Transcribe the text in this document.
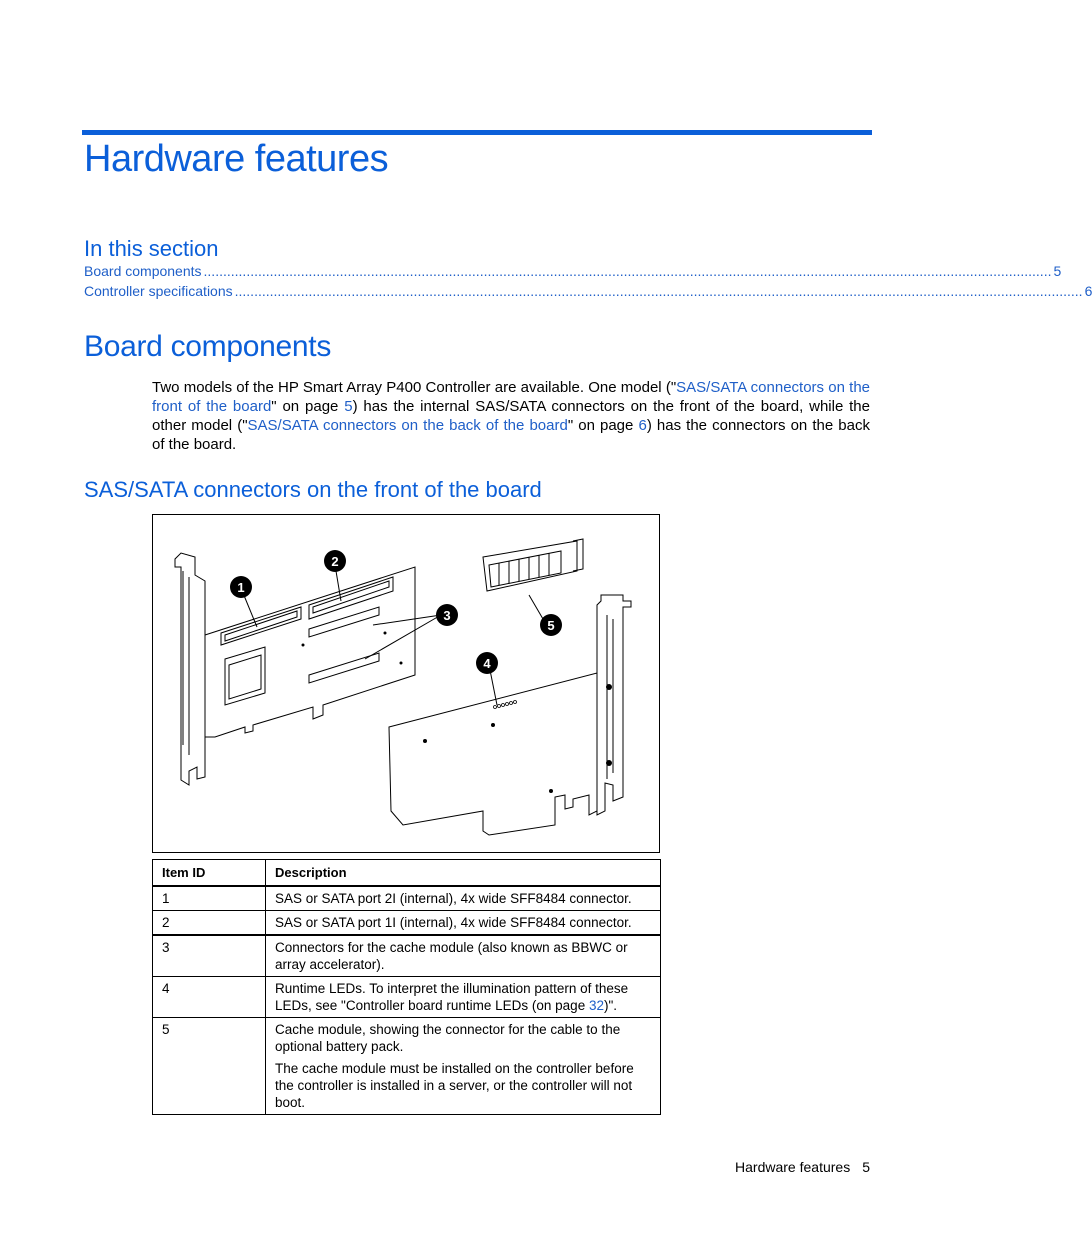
Hardware features
In this section
Board components .......................................................................................................................................................................................................................... 5
Controller specifications .......................................................................................................................................................................................................................... 6
Board components

Two models of the HP Smart Array P400 Controller are available. One model ("SAS/SATA connectors on the front of the board" on page 5) has the internal SAS/SATA connectors on the front of the board, while the other model ("SAS/SATA connectors on the back of the board" on page 6) has the connectors on the back of the board.

SAS/SATA connectors on the front of the board
1
2
3
4
5
Item ID	Description
1	SAS or SATA port 2I (internal), 4x wide SFF8484 connector.
2	SAS or SATA port 1I (internal), 4x wide SFF8484 connector.
3	Connectors for the cache module (also known as BBWC or array accelerator).
4	Runtime LEDs. To interpret the illumination pattern of these LEDs, see "Controller board runtime LEDs (on page 32)".
5	Cache module, showing the connector for the cable to the optional battery pack.
The cache module must be installed on the controller before the controller is installed in a server, or the controller will not boot.
Hardware features 5
